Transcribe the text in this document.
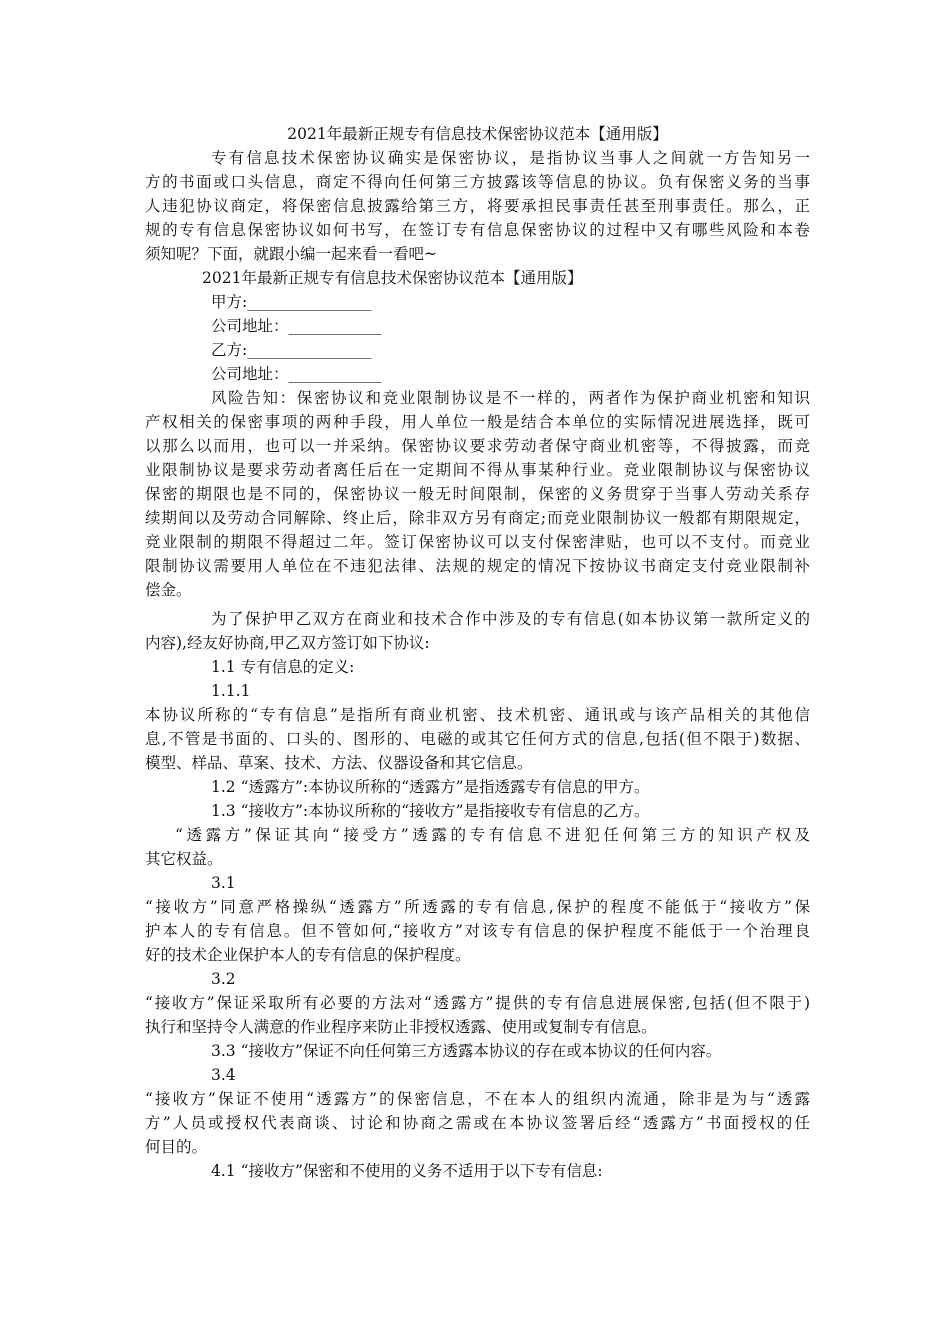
2021年最新正规专有信息技术保密协议范本【通用版】
专有信息技术保密协议确实是保密协议，是指协议当事人之间就一方告知另一
方的书面或口头信息，商定不得向任何第三方披露该等信息的协议。负有保密义务的当事
人违犯协议商定，将保密信息披露给第三方，将要承担民事责任甚至刑事责任。那么，正
规的专有信息保密协议如何书写，在签订专有信息保密协议的过程中又有哪些风险和本卷
须知呢？下面，就跟小编一起来看一看吧~
2021年最新正规专有信息技术保密协议范本【通用版】
甲方:________________
公司地址：____________
乙方:________________
公司地址：____________
风险告知：保密协议和竞业限制协议是不一样的，两者作为保护商业机密和知识
产权相关的保密事项的两种手段，用人单位一般是结合本单位的实际情况进展选择，既可
以那么以而用，也可以一并采纳。保密协议要求劳动者保守商业机密等，不得披露，而竞
业限制协议是要求劳动者离任后在一定期间不得从事某种行业。竞业限制协议与保密协议
保密的期限也是不同的，保密协议一般无时间限制，保密的义务贯穿于当事人劳动关系存
续期间以及劳动合同解除、终止后，除非双方另有商定;而竞业限制协议一般都有期限规定，
竞业限制的期限不得超过二年。签订保密协议可以支付保密津贴，也可以不支付。而竞业
限制协议需要用人单位在不违犯法律、法规的规定的情况下按协议书商定支付竞业限制补
偿金。
为了保护甲乙双方在商业和技术合作中涉及的专有信息(如本协议第一款所定义的
内容),经友好协商,甲乙双方签订如下协议:
1.1 专有信息的定义:
1.1.1
本协议所称的“专有信息”是指所有商业机密、技术机密、通讯或与该产品相关的其他信
息,不管是书面的、口头的、图形的、电磁的或其它任何方式的信息,包括(但不限于)数据、
模型、样品、草案、技术、方法、仪器设备和其它信息。
1.2 “透露方”:本协议所称的“透露方”是指透露专有信息的甲方。
1.3 “接收方”:本协议所称的“接收方”是指接收专有信息的乙方。
“透露方”保证其向“接受方”透露的专有信息不进犯任何第三方的知识产权及
其它权益。
3.1
“接收方”同意严格操纵“透露方”所透露的专有信息,保护的程度不能低于“接收方”保
护本人的专有信息。但不管如何,“接收方”对该专有信息的保护程度不能低于一个治理良
好的技术企业保护本人的专有信息的保护程度。
3.2
“接收方”保证采取所有必要的方法对“透露方”提供的专有信息进展保密,包括(但不限于)
执行和坚持令人满意的作业程序来防止非授权透露、使用或复制专有信息。
3.3 “接收方”保证不向任何第三方透露本协议的存在或本协议的任何内容。
3.4
“接收方”保证不使用“透露方”的保密信息，不在本人的组织内流通，除非是为与“透露
方”人员或授权代表商谈、讨论和协商之需或在本协议签署后经“透露方”书面授权的任
何目的。
4.1 “接收方”保密和不使用的义务不适用于以下专有信息:
